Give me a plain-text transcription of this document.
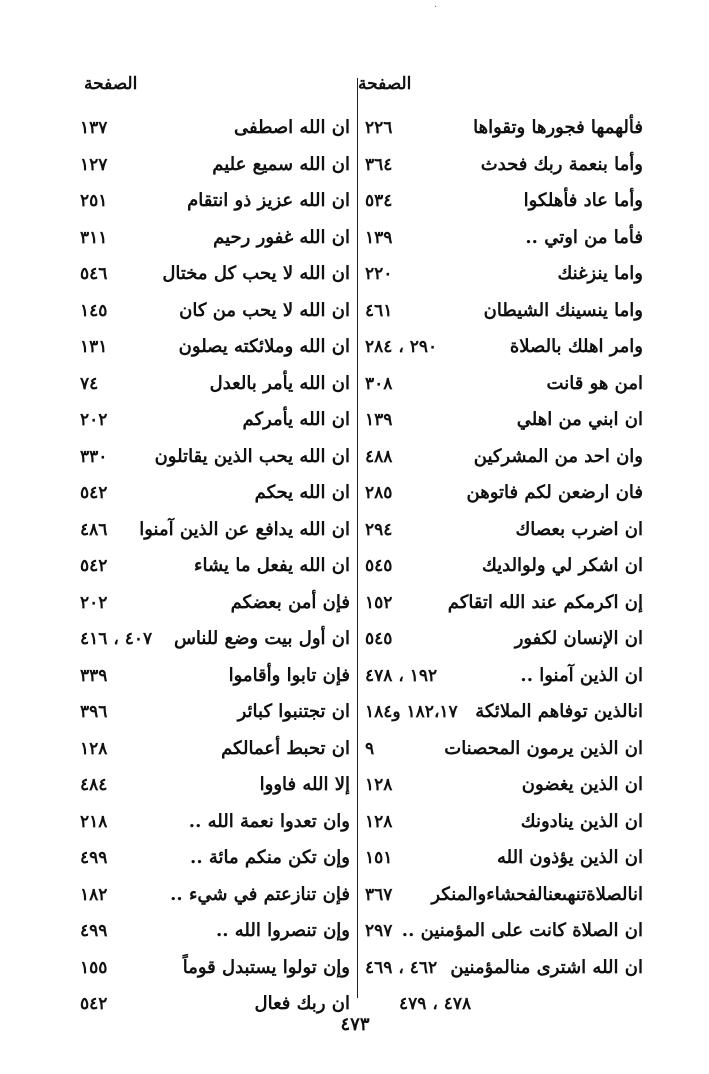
·
الصفحة
الصفحة
فألهمها فجورها وتقواها
٢٢٦
وأما بنعمة ربك فحدث
٣٦٤
وأما عاد فأهلكوا
٥٣٤
فأما من اوتي ..
١٣٩
واما ينزغنك
٢٢٠
واما ينسينك الشيطان
٤٦١
وامر اهلك بالصلاة
٢٩٠ ، ٢٨٤
امن هو قانت
٣٠٨
ان ابني من اهلي
١٣٩
وان احد من المشركين
٤٨٨
فان ارضعن لكم فاتوهن
٢٨٥
ان اضرب بعصاك
٢٩٤
ان اشكر لي ولوالديك
٥٤٥
إن اكرمكم عند الله اتقاكم
١٥٢
ان الإنسان لكفور
٥٤٥
ان الذين آمنوا ..
١٩٢ ، ٤٧٨
انالذين توفاهم الملائكة
١٨٢،١٧ و١٨٤
ان الذين يرمون المحصنات
٩
ان الذين يغضون
١٢٨
ان الذين ينادونك
١٢٨
ان الذين يؤذون الله
١٥١
انالصلاةتنهىعنالفحشاءوالمنكر
٣٦٧
ان الصلاة كانت على المؤمنين ..
٢٩٧
ان الله اشترى منالمؤمنين
٤٦٢ ، ٤٦٩
٤٧٨ ، ٤٧٩
ان الله اصطفى
١٣٧
ان الله سميع عليم
١٢٧
ان الله عزيز ذو انتقام
٢٥١
ان الله غفور رحيم
٣١١
ان الله لا يحب كل مختال
٥٤٦
ان الله لا يحب من كان
١٤٥
ان الله وملائكته يصلون
١٣١
ان الله يأمر بالعدل
٧٤
ان الله يأمركم
٢٠٢
ان الله يحب الذين يقاتلون
٣٣٠
ان الله يحكم
٥٤٢
ان الله يدافع عن الذين آمنوا
٤٨٦
ان الله يفعل ما يشاء
٥٤٢
فإن أمن بعضكم
٢٠٢
ان أول بيت وضع للناس
٤٠٧ ، ٤١٦
فإن تابوا وأقاموا
٣٣٩
ان تجتنبوا كبائر
٣٩٦
ان تحبط أعمالكم
١٢٨
إلا الله فاووا
٤٨٤
وان تعدوا نعمة الله ..
٢١٨
وإن تكن منكم مائة ..
٤٩٩
فإن تنازعتم في شيء ..
١٨٢
وإن تنصروا الله ..
٤٩٩
وإن تولوا يستبدل قوماً
١٥٥
ان ربك فعال
٥٤٢
٤٧٣
